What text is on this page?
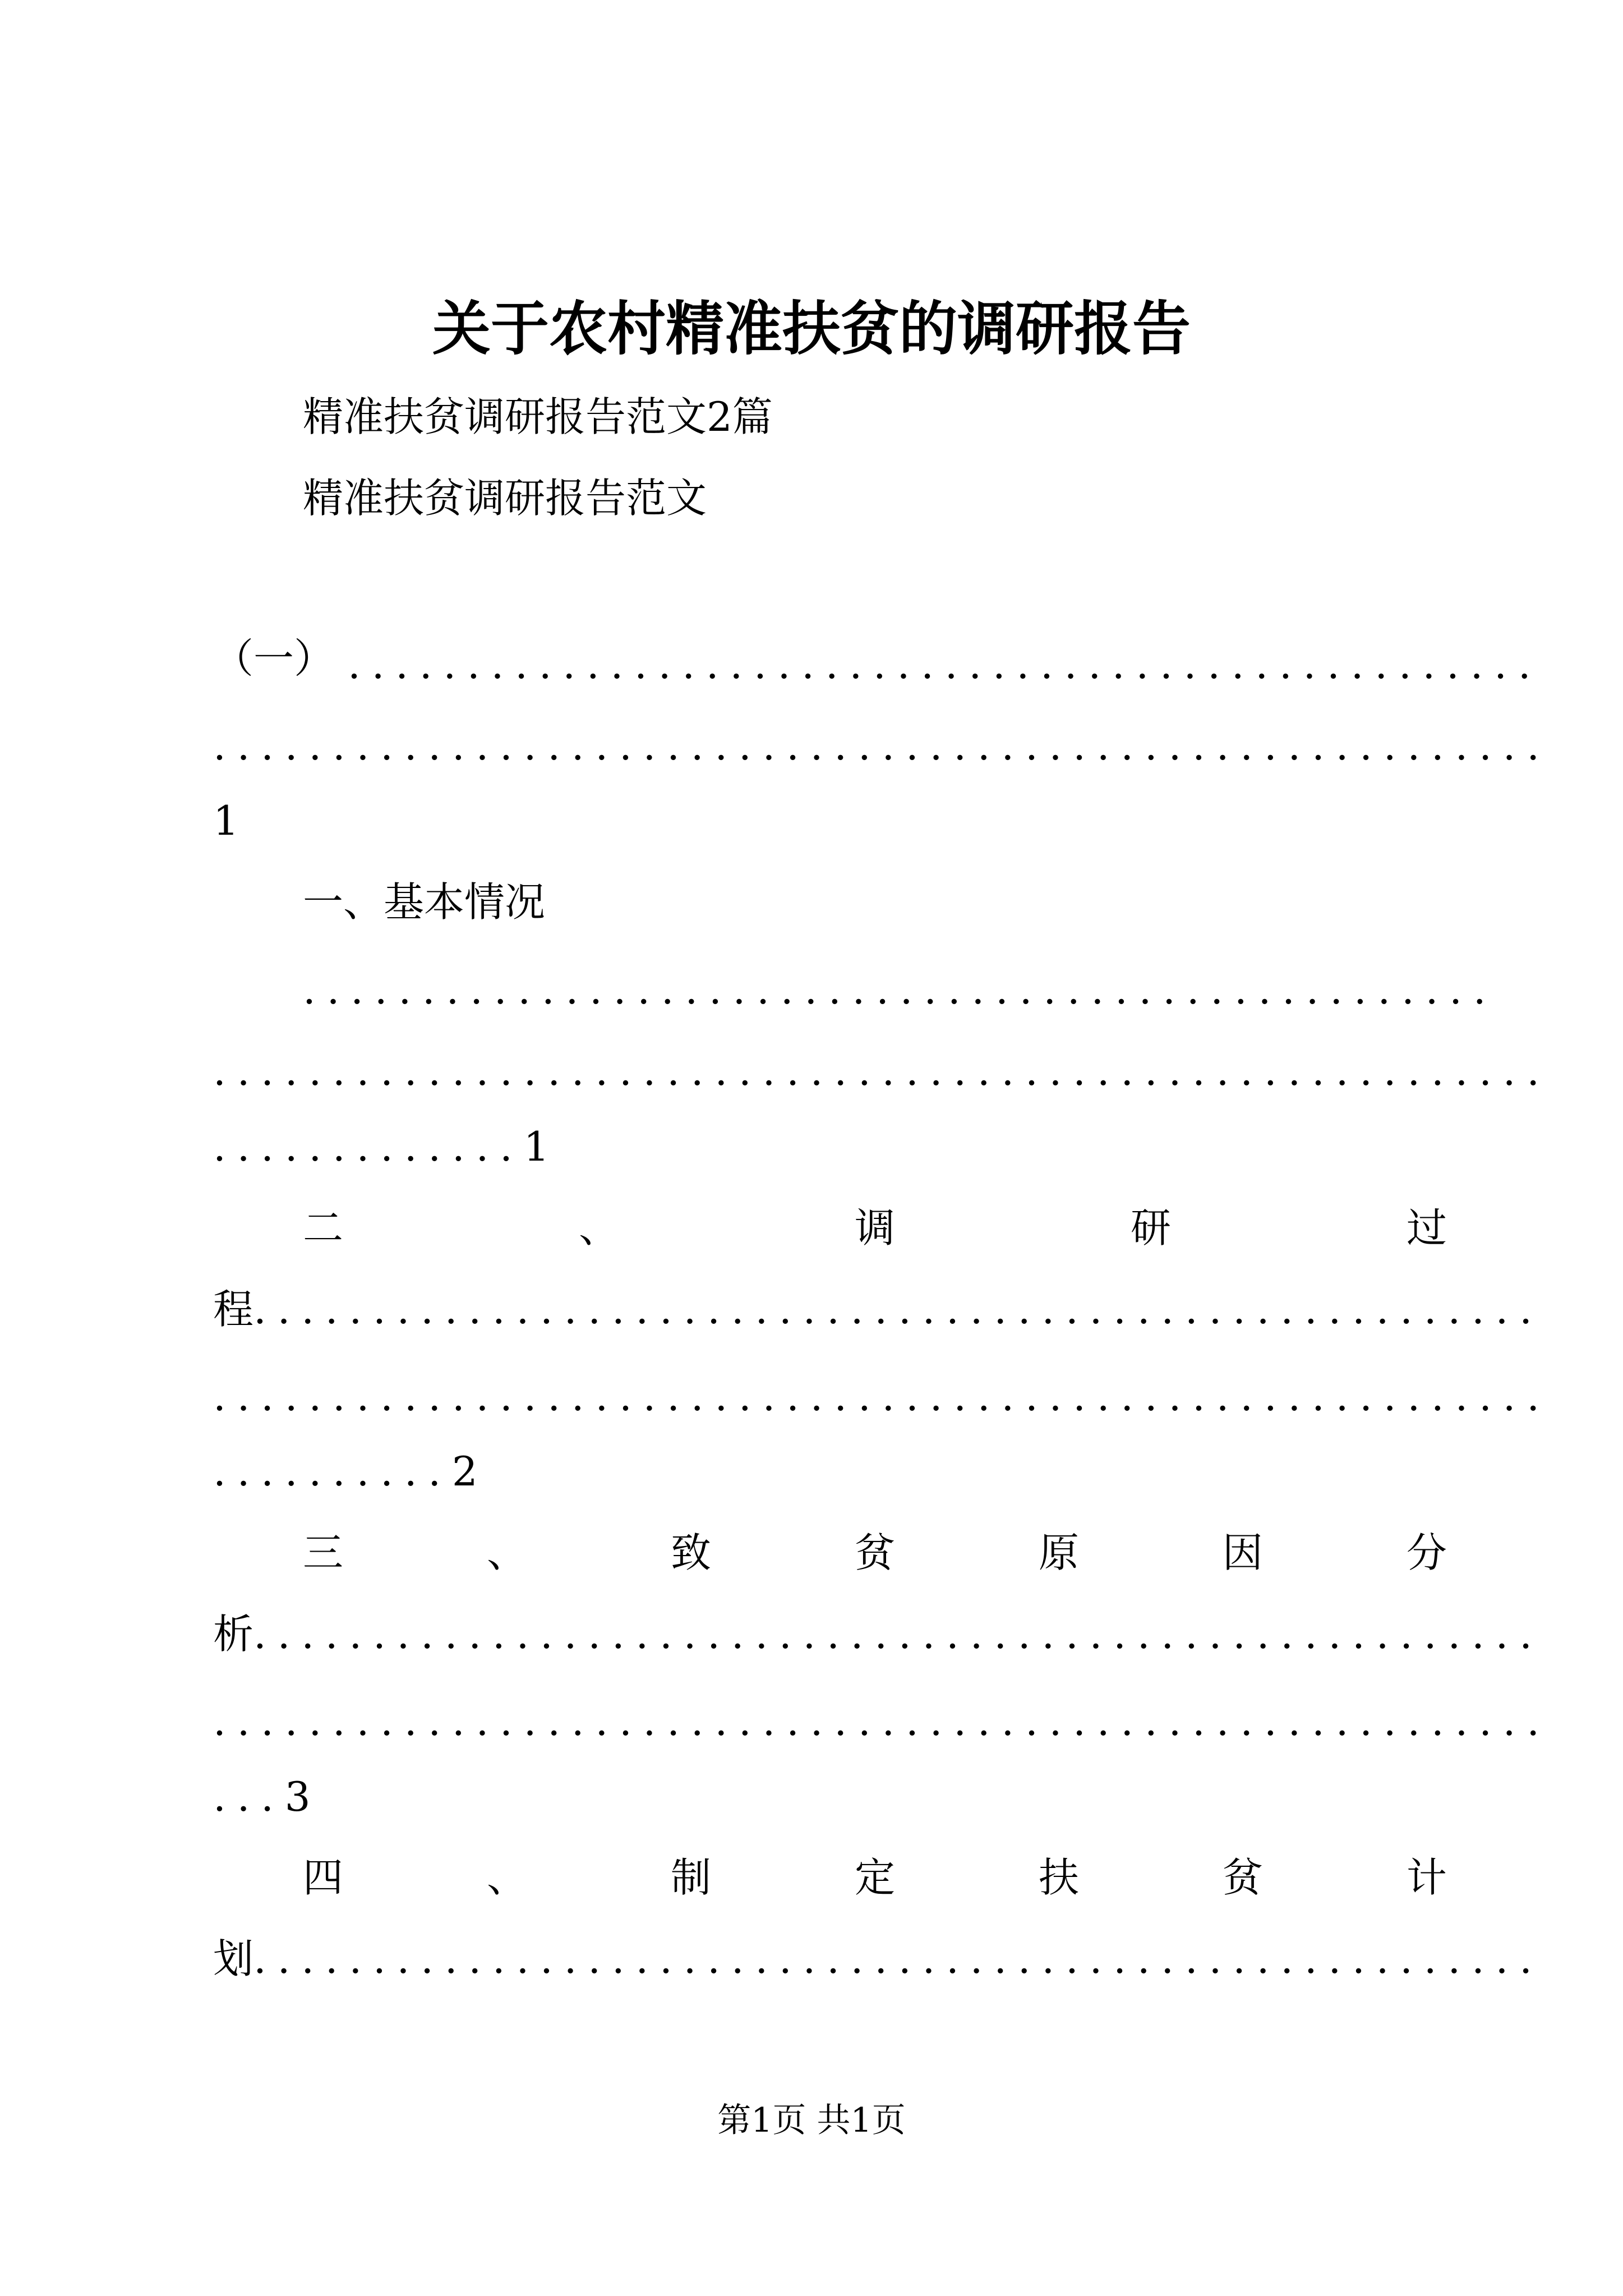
关于农村精准扶贫的调研报告
精准扶贫调研报告范文2篇
精准扶贫调研报告范文
（一） ..................................................
........................................................
1
一、基本情况
..................................................
........................................................
.............1
二	、	调	研	过
程......................................................
........................................................
..........2
三	、	致	贫	原	因	分
析......................................................
........................................................
...3
四	、	制	定	扶	贫	计
划......................................................
第1页 共1页
